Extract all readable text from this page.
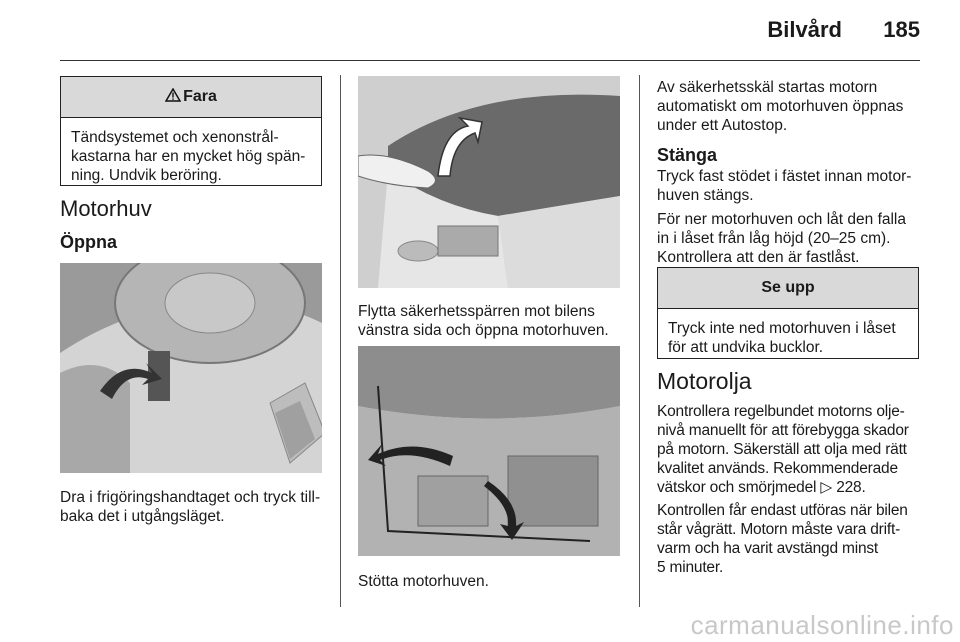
Bilvård 185
Fara
Tändsystemet och xenonstrål-
kastarna har en mycket hög spän-
ning. Undvik beröring.
Motorhuv
Öppna
Dra i frigöringshandtaget och tryck till-
baka det i utgångsläget.
Flytta säkerhetsspärren mot bilens
vänstra sida och öppna motorhuven.
Stötta motorhuven.
Av säkerhetsskäl startas motorn
automatiskt om motorhuven öppnas
under ett Autostop.
Stänga
Tryck fast stödet i fästet innan motor-
huven stängs.
För ner motorhuven och låt den falla
in i låset från låg höjd (20–25 cm).
Kontrollera att den är fastlåst.
Se upp
Tryck inte ned motorhuven i låset
för att undvika bucklor.
Motorolja
Kontrollera regelbundet motorns olje-
nivå manuellt för att förebygga skador
på motorn. Säkerställ att olja med rätt
kvalitet används. Rekommenderade
vätskor och smörjmedel ▷ 228.
Kontrollen får endast utföras när bilen
står vågrätt. Motorn måste vara drift-
varm och ha varit avstängd minst
5 minuter.
carmanualsonline.info
